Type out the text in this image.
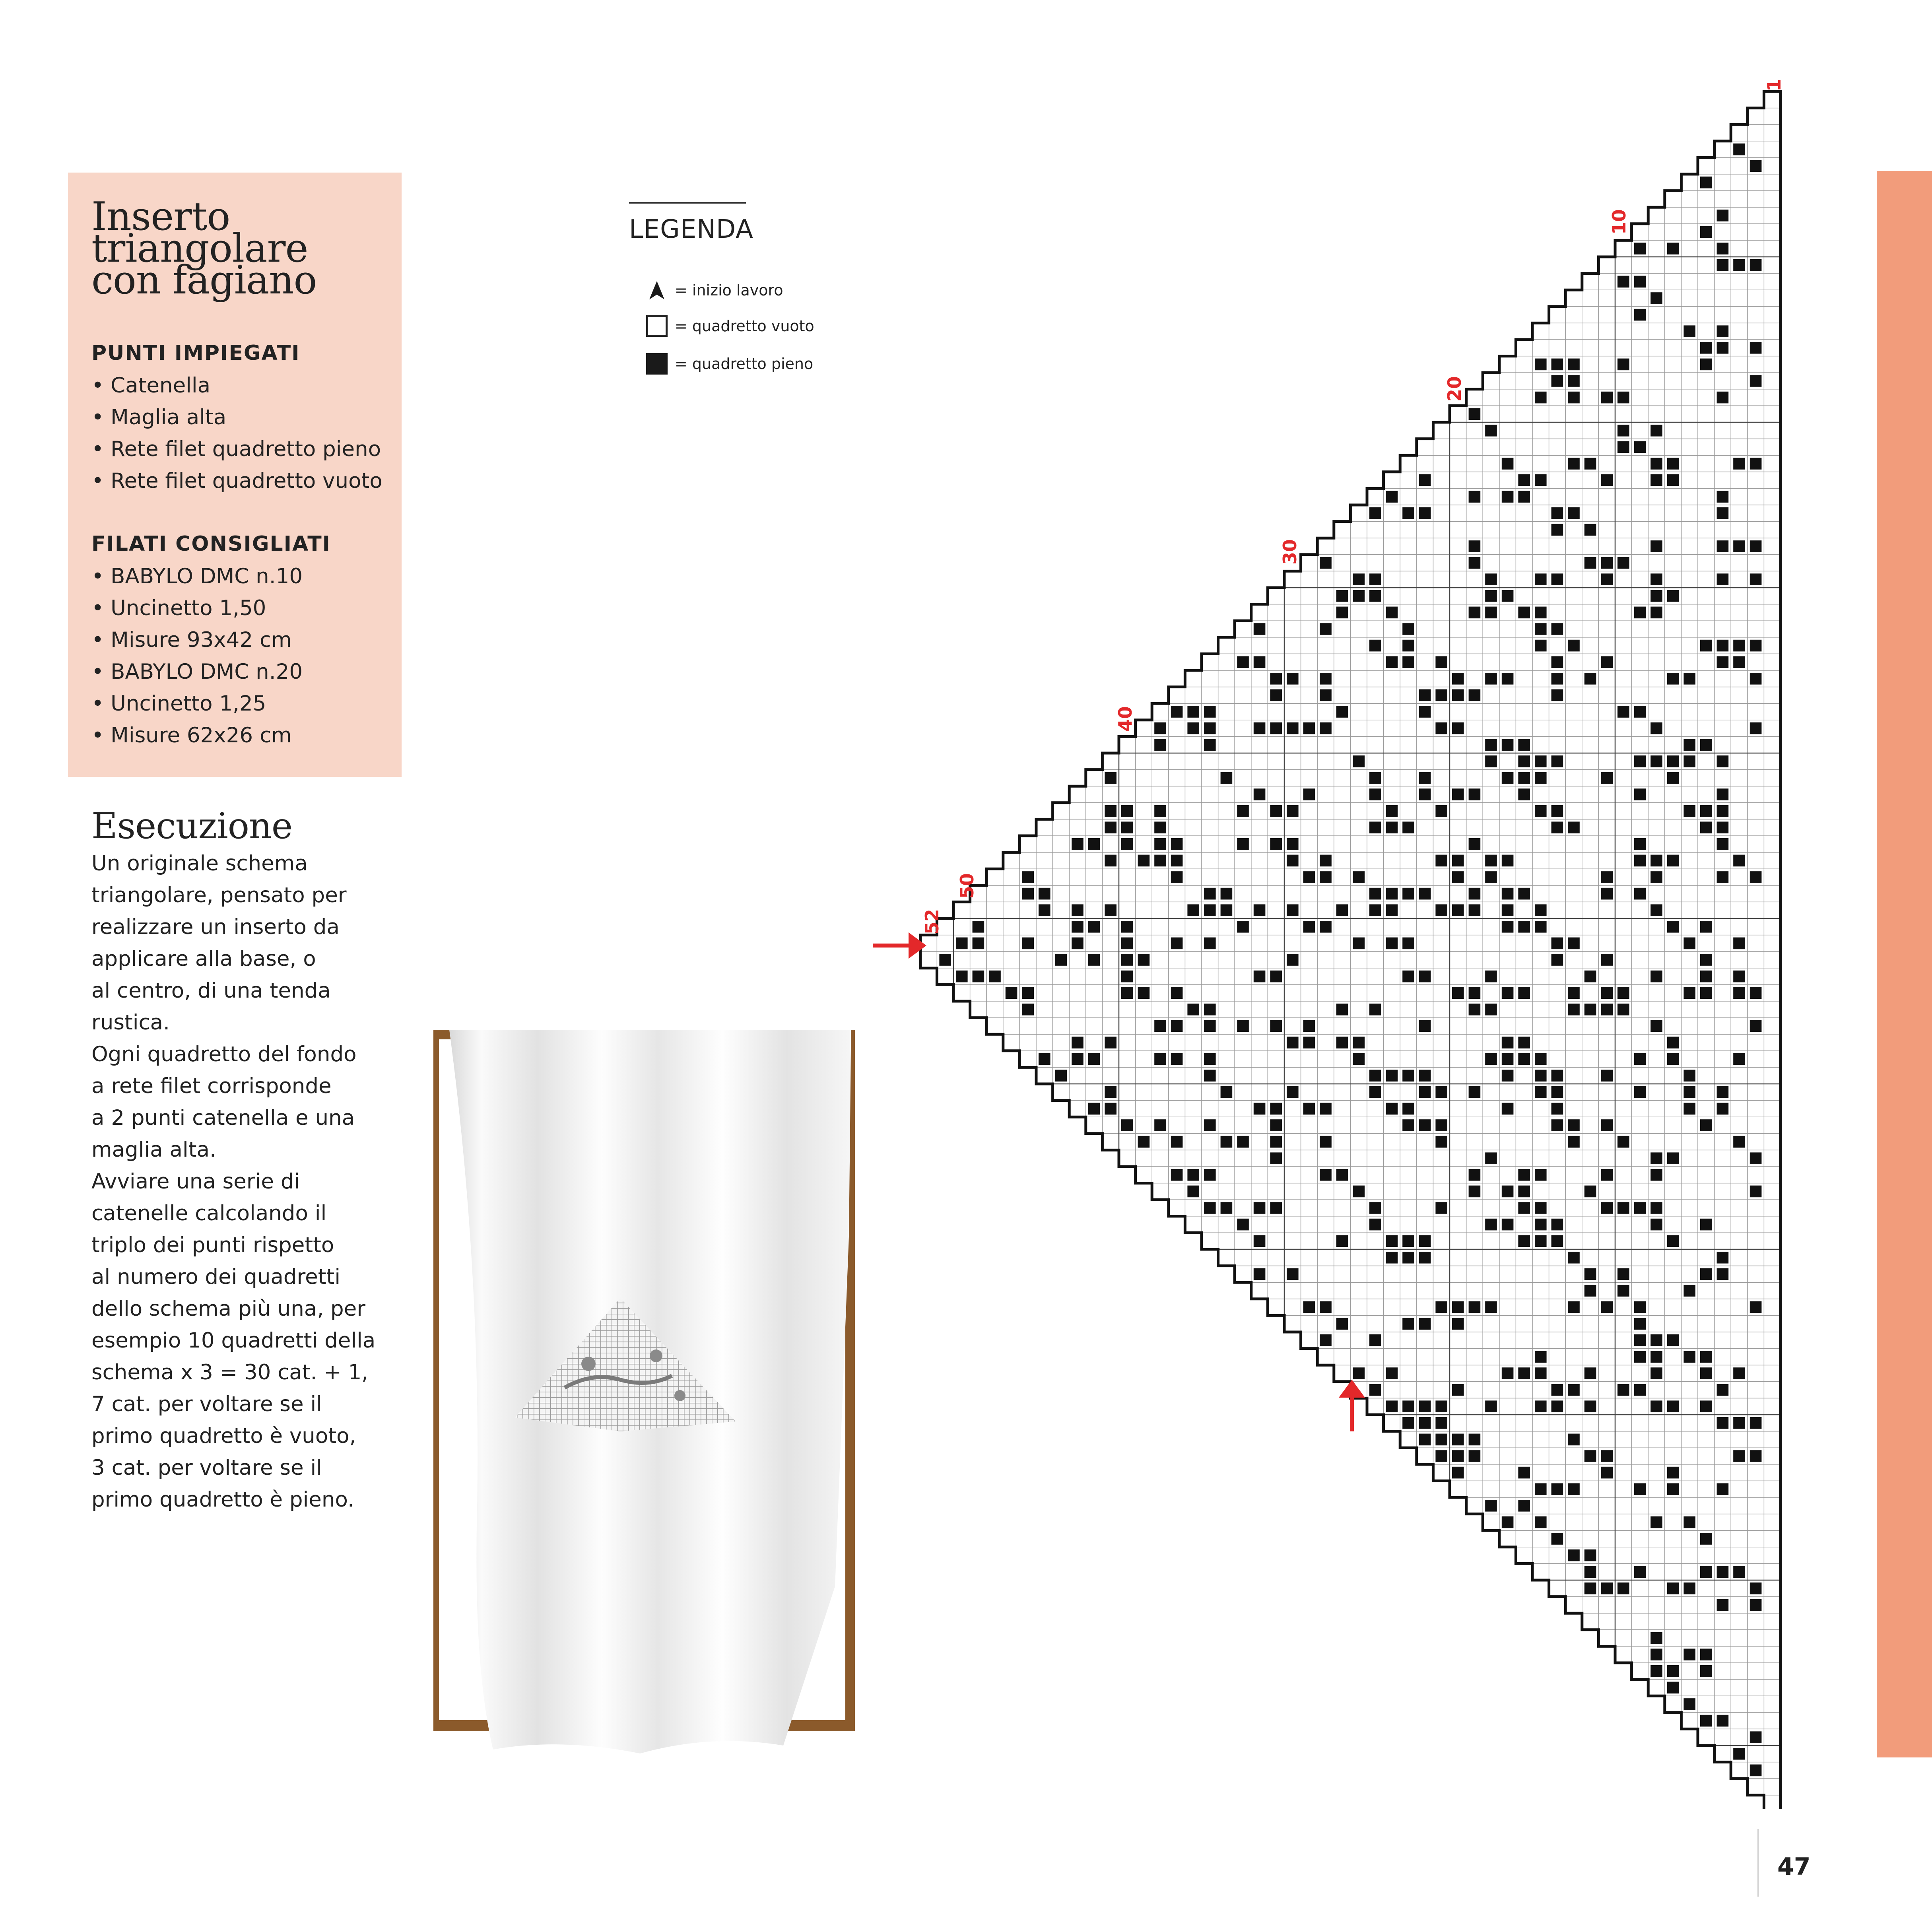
Inserto
triangolare
con fagiano
PUNTI IMPIEGATI
• Catenella
• Maglia alta
• Rete filet quadretto pieno
• Rete filet quadretto vuoto
FILATI CONSIGLIATI
• BABYLO DMC n.10
• Uncinetto 1,50
• Misure 93x42 cm
• BABYLO DMC n.20
• Uncinetto 1,25
• Misure 62x26 cm
Esecuzione
Un originale schema
triangolare, pensato per
realizzare un inserto da
applicare alla base, o
al centro, di una tenda
rustica.
Ogni quadretto del fondo
a rete filet corrisponde
a 2 punti catenella e una
maglia alta.
Avviare una serie di
catenelle calcolando il
triplo dei punti rispetto
al numero dei quadretti
dello schema più una, per
esempio 10 quadretti della
schema x 3 = 30 cat. + 1,
7 cat. per voltare se il
primo quadretto è vuoto,
3 cat. per voltare se il
primo quadretto è pieno.
LEGENDA
= inizio lavoro
= quadretto vuoto
= quadretto pieno
1
10
20
30
40
50
52
47
